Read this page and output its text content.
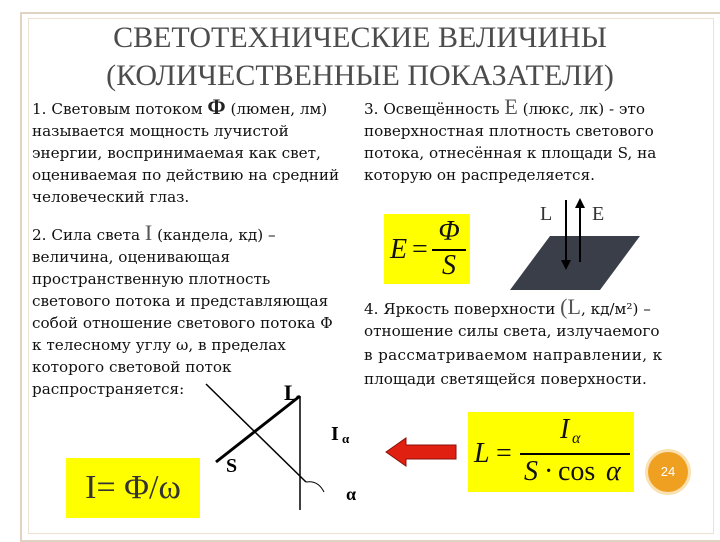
СВЕТОТЕХНИЧЕСКИЕ ВЕЛИЧИНЫ
(КОЛИЧЕСТВЕННЫЕ ПОКАЗАТЕЛИ)
1. Световым потоком Φ (люмен, лм)
называется мощность лучистой
энергии, воспринимаемая как свет,
оцениваемая по действию на средний
человеческий глаз.
2. Сила света I (кандела, кд) –
величина, оценивающая
пространственную плотность
светового потока и представляющая
собой отношение светового потока Φ
к телесному углу ω, в пределах
которого световой поток
распространяется:
I= Φ/ω
L
S
I α
α
3. Освещённость E (люкс, лк) - это
поверхностная плотность светового
потока, отнесённая к площади S, на
которую он распределяется.
E =
Φ
S
L E
4. Яркость поверхности (L, кд/м²) –
отношение силы света, излучаемого
в рассматриваемом направлении, к
площади светящейся поверхности.
L =
I α
S · cos α	24
